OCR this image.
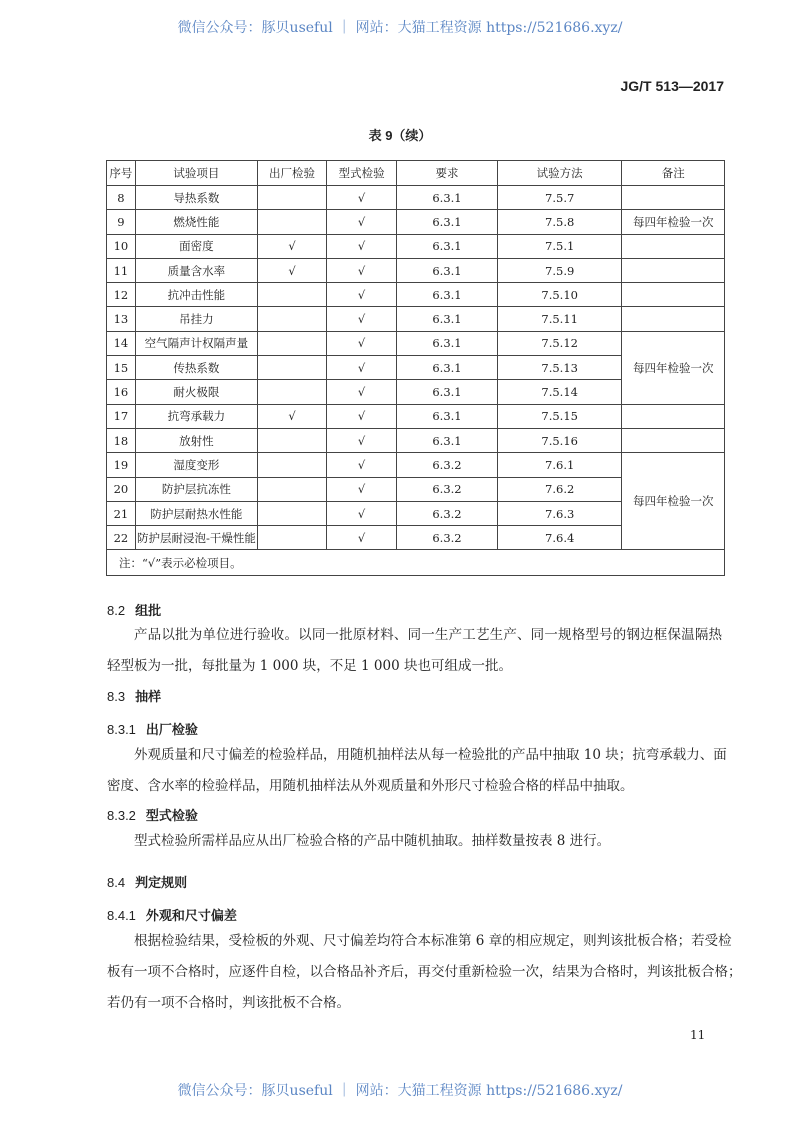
微信公众号：豚贝useful ｜ 网站：大猫工程资源 https://521686.xyz/
JG/T 513—2017
表 9（续）
序号	试验项目	出厂检验	型式检验	要求	试验方法	备注
8	导热系数		√	6.3.1	7.5.7	
9	燃烧性能		√	6.3.1	7.5.8	每四年检验一次
10	面密度	√	√	6.3.1	7.5.1	
11	质量含水率	√	√	6.3.1	7.5.9	
12	抗冲击性能		√	6.3.1	7.5.10	
13	吊挂力		√	6.3.1	7.5.11	
14	空气隔声计权隔声量		√	6.3.1	7.5.12	每四年检验一次
15	传热系数		√	6.3.1	7.5.13	
16	耐火极限		√	6.3.1	7.5.14	
17	抗弯承载力	√	√	6.3.1	7.5.15	
18	放射性		√	6.3.1	7.5.16	
19	湿度变形		√	6.3.2	7.6.1	每四年检验一次
20	防护层抗冻性		√	6.3.2	7.6.2	
21	防护层耐热水性能		√	6.3.2	7.6.3	
22	防护层耐浸泡-干燥性能		√	6.3.2	7.6.4	
注：“√”表示必检项目。						
8.2 组批
产品以批为单位进行验收。以同一批原材料、同一生产工艺生产、同一规格型号的钢边框保温隔热
轻型板为一批，每批量为 1 000 块，不足 1 000 块也可组成一批。
8.3 抽样
8.3.1 出厂检验
外观质量和尺寸偏差的检验样品，用随机抽样法从每一检验批的产品中抽取 10 块；抗弯承载力、面
密度、含水率的检验样品，用随机抽样法从外观质量和外形尺寸检验合格的样品中抽取。
8.3.2 型式检验
型式检验所需样品应从出厂检验合格的产品中随机抽取。抽样数量按表 8 进行。
8.4 判定规则
8.4.1 外观和尺寸偏差
根据检验结果，受检板的外观、尺寸偏差均符合本标准第 6 章的相应规定，则判该批板合格；若受检
板有一项不合格时，应逐件自检，以合格品补齐后，再交付重新检验一次，结果为合格时，判该批板合格；
若仍有一项不合格时，判该批板不合格。
11
微信公众号：豚贝useful ｜ 网站：大猫工程资源 https://521686.xyz/
